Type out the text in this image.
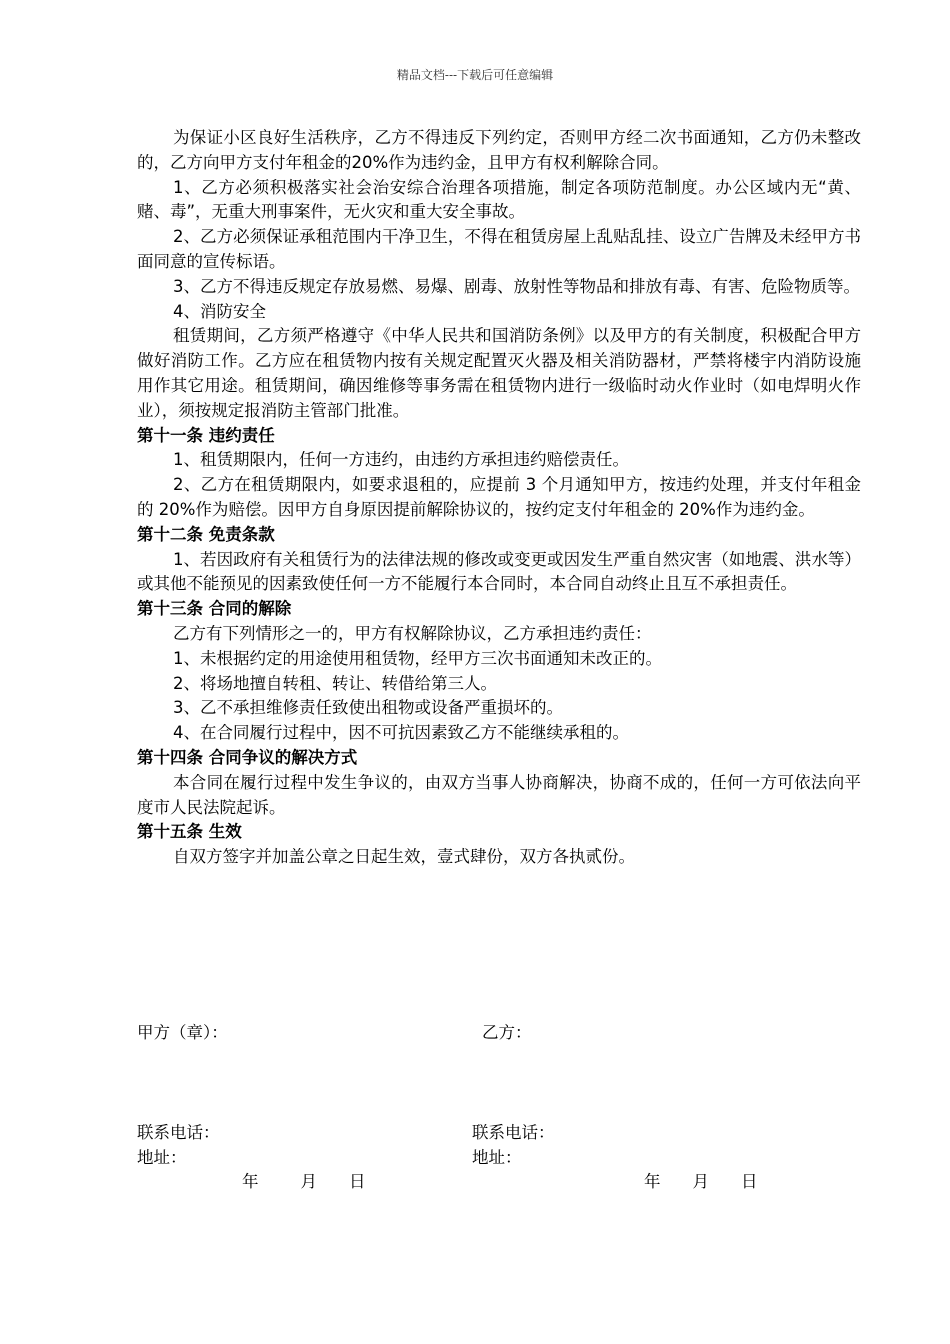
精品文档---下载后可任意编辑

为保证小区良好生活秩序，乙方不得违反下列约定，否则甲方经二次书面通知，乙方仍未整改的，乙方向甲方支付年租金的20%作为违约金，且甲方有权利解除合同。

1、乙方必须积极落实社会治安综合治理各项措施，制定各项防范制度。办公区域内无“黄、赌、毒”，无重大刑事案件，无火灾和重大安全事故。

2、乙方必须保证承租范围内干净卫生，不得在租赁房屋上乱贴乱挂、设立广告牌及未经甲方书面同意的宣传标语。

3、乙方不得违反规定存放易燃、易爆、剧毒、放射性等物品和排放有毒、有害、危险物质等。

4、消防安全

租赁期间，乙方须严格遵守《中华人民共和国消防条例》以及甲方的有关制度，积极配合甲方做好消防工作。乙方应在租赁物内按有关规定配置灭火器及相关消防器材，严禁将楼宇内消防设施用作其它用途。租赁期间，确因维修等事务需在租赁物内进行一级临时动火作业时（如电焊明火作业），须按规定报消防主管部门批准。

第十一条 违约责任

1、租赁期限内，任何一方违约，由违约方承担违约赔偿责任。

2、乙方在租赁期限内，如要求退租的，应提前 3 个月通知甲方，按违约处理，并支付年租金的 20%作为赔偿。因甲方自身原因提前解除协议的，按约定支付年租金的 20%作为违约金。

第十二条 免责条款

1、若因政府有关租赁行为的法律法规的修改或变更或因发生严重自然灾害（如地震、洪水等）或其他不能预见的因素致使任何一方不能履行本合同时，本合同自动终止且互不承担责任。

第十三条 合同的解除

乙方有下列情形之一的，甲方有权解除协议，乙方承担违约责任：

1、未根据约定的用途使用租赁物，经甲方三次书面通知未改正的。

2、将场地擅自转租、转让、转借给第三人。

3、乙不承担维修责任致使出租物或设备严重损坏的。

4、在合同履行过程中，因不可抗因素致乙方不能继续承租的。

第十四条 合同争议的解决方式

本合同在履行过程中发生争议的，由双方当事人协商解决，协商不成的，任何一方可依法向平度市人民法院起诉。

第十五条 生效

自双方签字并加盖公章之日起生效，壹式肆份，双方各执贰份。

甲方（章）：	乙方：
联系电话：	联系电话：
地址：	地址：
年	月 日	年 月 日
